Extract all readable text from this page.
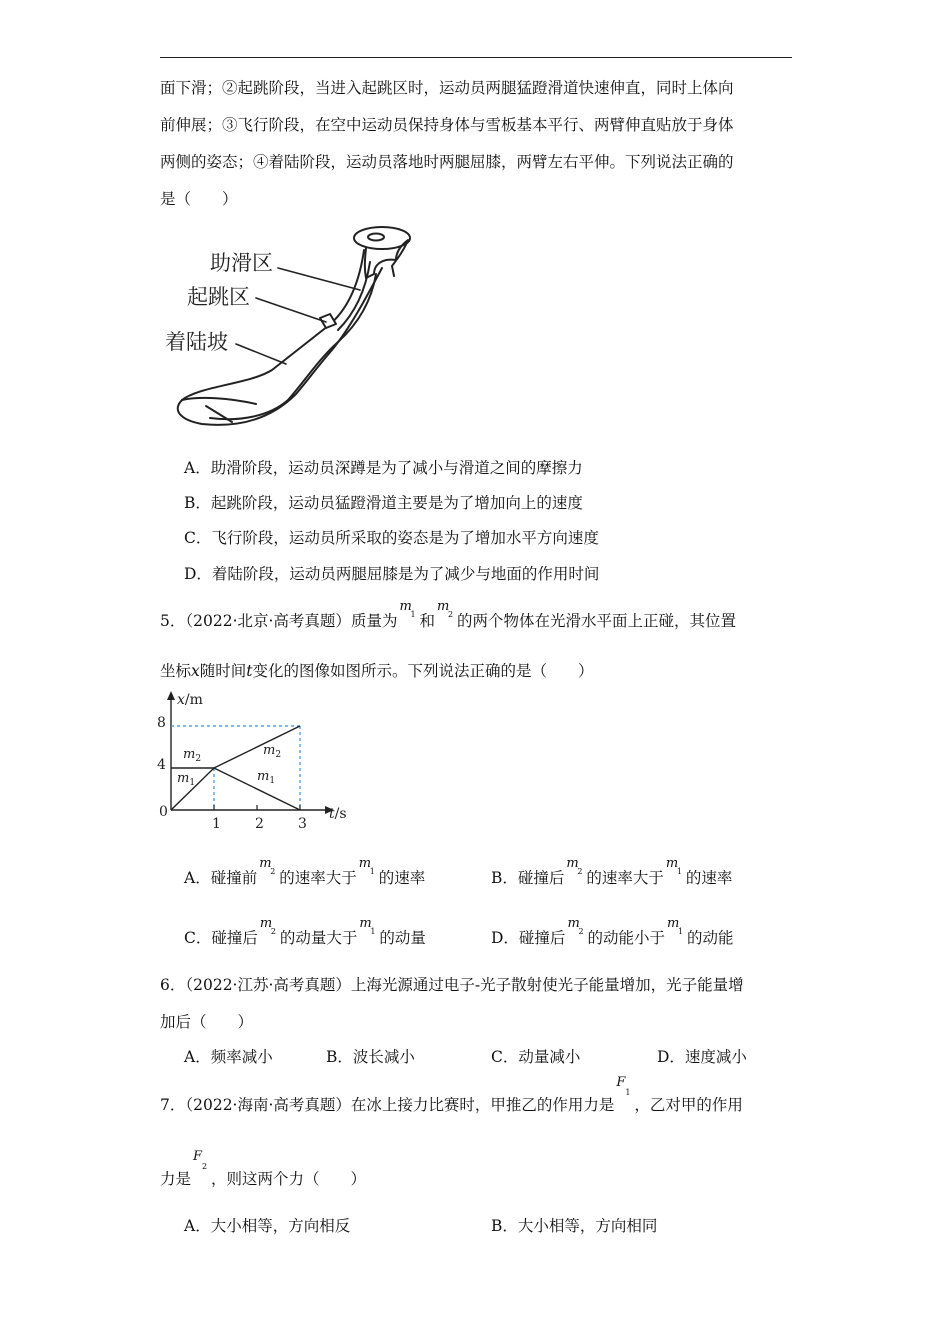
面下滑；②起跳阶段，当进入起跳区时，运动员两腿猛蹬滑道快速伸直，同时上体向
前伸展；③飞行阶段，在空中运动员保持身体与雪板基本平行、两臂伸直贴放于身体
两侧的姿态；④着陆阶段，运动员落地时两腿屈膝，两臂左右平伸。下列说法正确的
是（　　）
助滑区
起跳区
着陆坡
A．助滑阶段，运动员深蹲是为了减小与滑道之间的摩擦力
B．起跳阶段，运动员猛蹬滑道主要是为了增加向上的速度
C．飞行阶段，运动员所采取的姿态是为了增加水平方向速度
D．着陆阶段，运动员两腿屈膝是为了减少与地面的作用时间
5．（2022·北京·高考真题）质量为
m
1 和
m
2 的两个物体在光滑水平面上正碰，其位置
坐标x随时间t变化的图像如图所示。下列说法正确的是（　　）
x/m
t/s
8
4
0
1 2 3
$m_2$
$m_1$
$m_2$
$m_1$
A．碰撞前
m
2 的速率大于
m
1 的速率	B．碰撞后
m
2 的速率大于
m
1 的速率
C．碰撞后
m
2 的动量大于
m
1 的动量	D．碰撞后
m
2 的动能小于
m
1 的动能
6．（2022·江苏·高考真题）上海光源通过电子-光子散射使光子能量增加，光子能量增
加后（　　）
A．频率减小	B．波长减小	C．动量减小	D．速度减小
7．（2022·海南·高考真题）在冰上接力比赛时，甲推乙的作用力是
F
1
，乙对甲的作用
力是
F
2
，则这两个力（　　）
A．大小相等，方向相反	B．大小相等，方向相同
